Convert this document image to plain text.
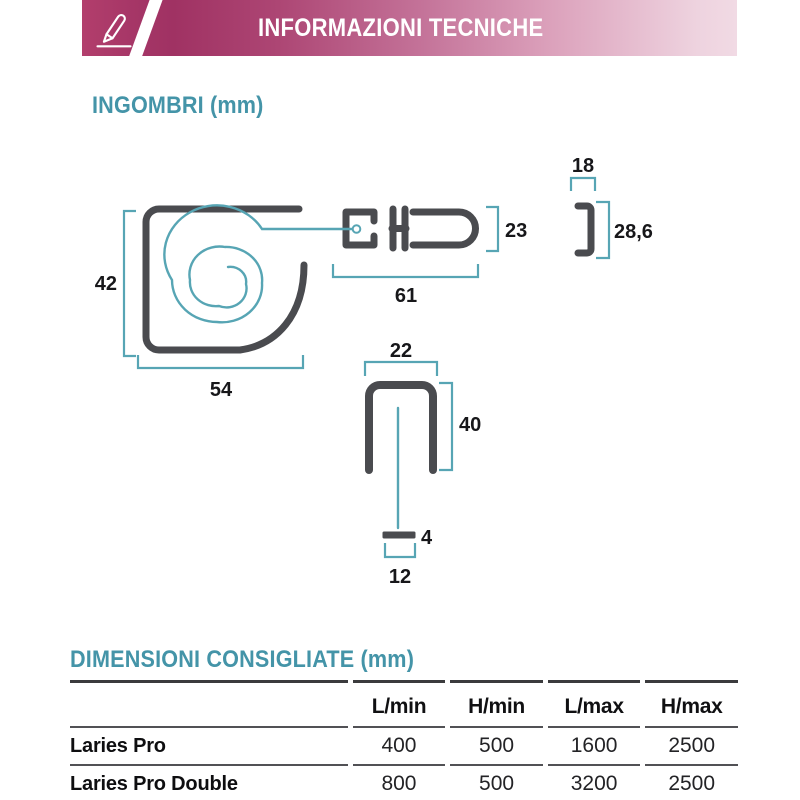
INFORMAZIONI TECNICHE
INGOMBRI (mm)
42
54
61
23
18
28,6
22
40
4
12
DIMENSIONI CONSIGLIATE (mm)
	L/min	H/min	L/max	H/max
Laries Pro	400	500	1600	2500
Laries Pro Double	800	500	3200	2500
